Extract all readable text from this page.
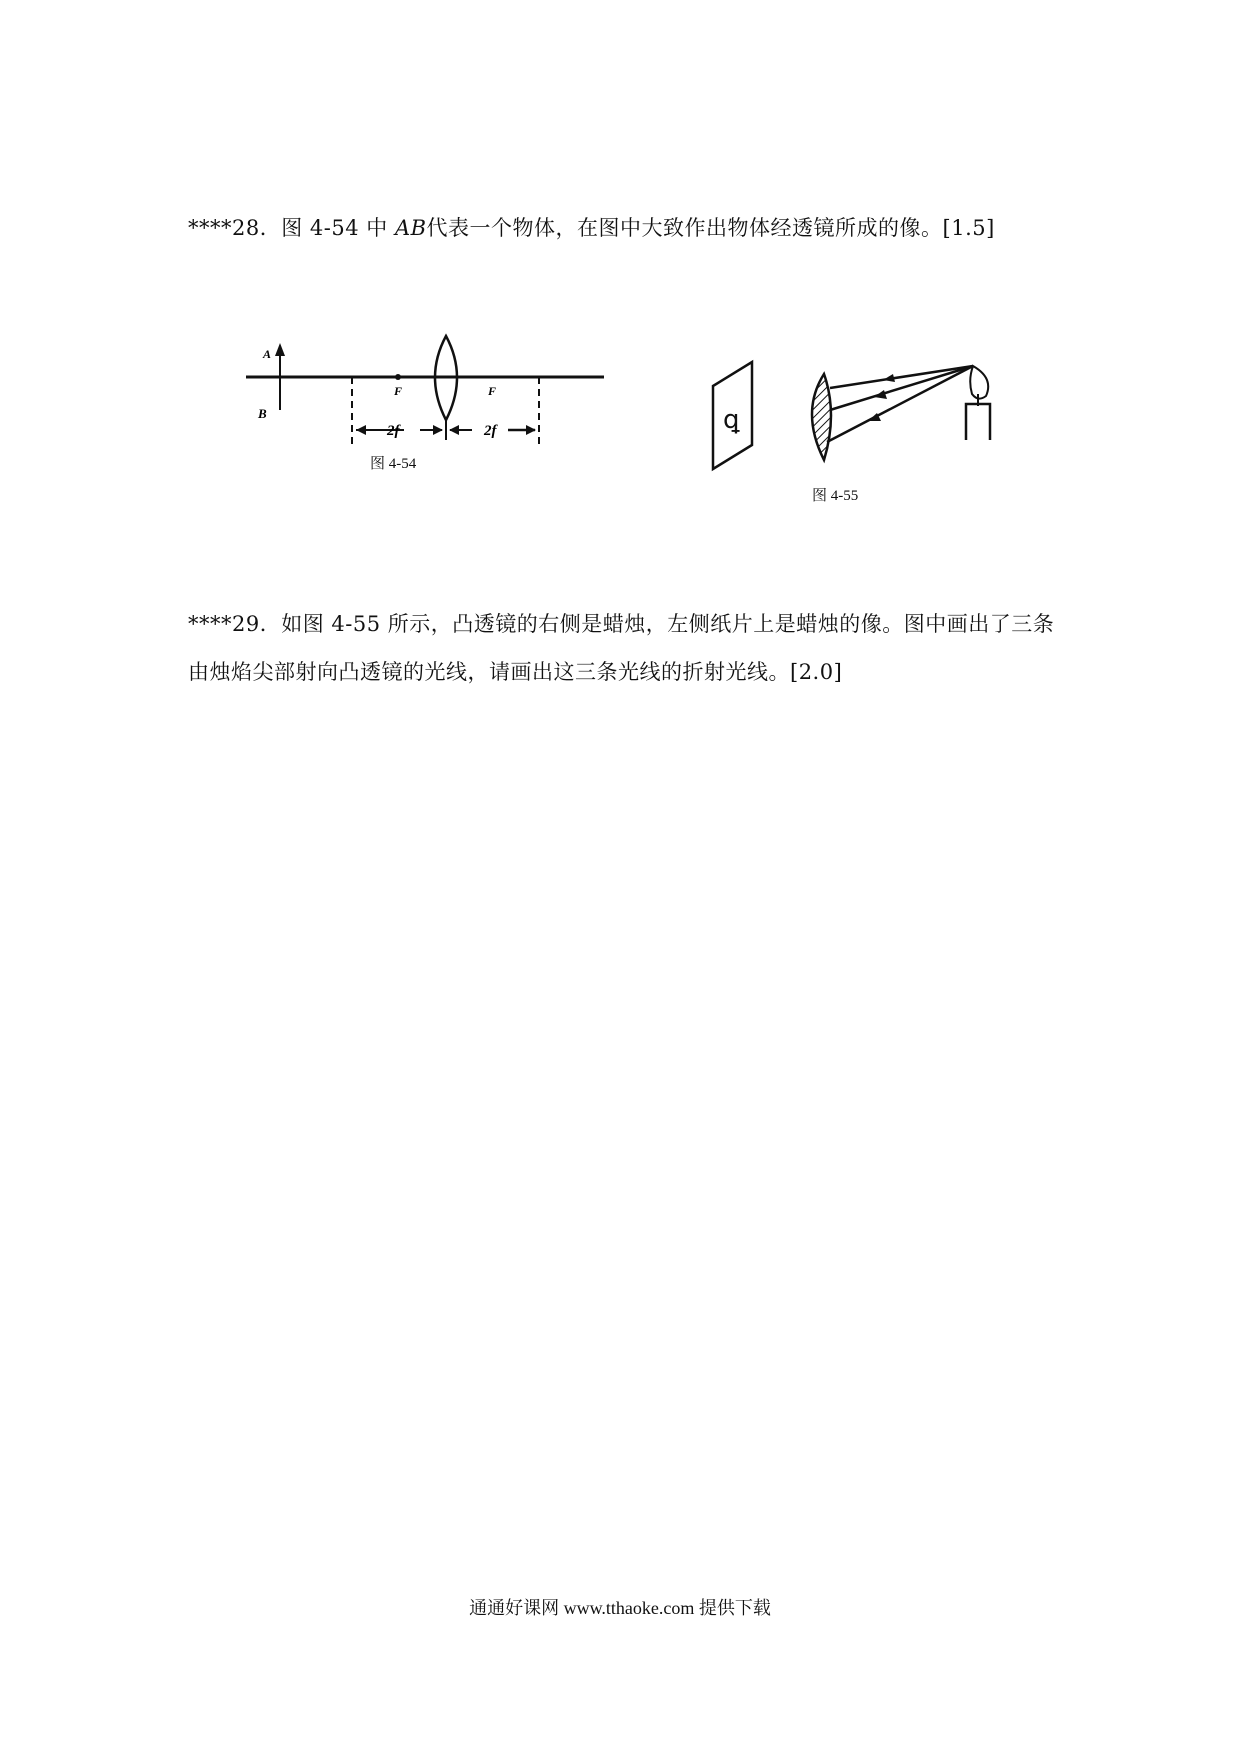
****28．图 4-54 中 AB代表一个物体，在图中大致作出物体经透镜所成的像。[1.5]
A
B
F	F
2f	2f
图 4-54
ꝗ
图 4-55
****29．如图 4-55 所示，凸透镜的右侧是蜡烛，左侧纸片上是蜡烛的像。图中画出了三条
由烛焰尖部射向凸透镜的光线，请画出这三条光线的折射光线。[2.0]
通通好课网 www.tthaoke.com 提供下载
